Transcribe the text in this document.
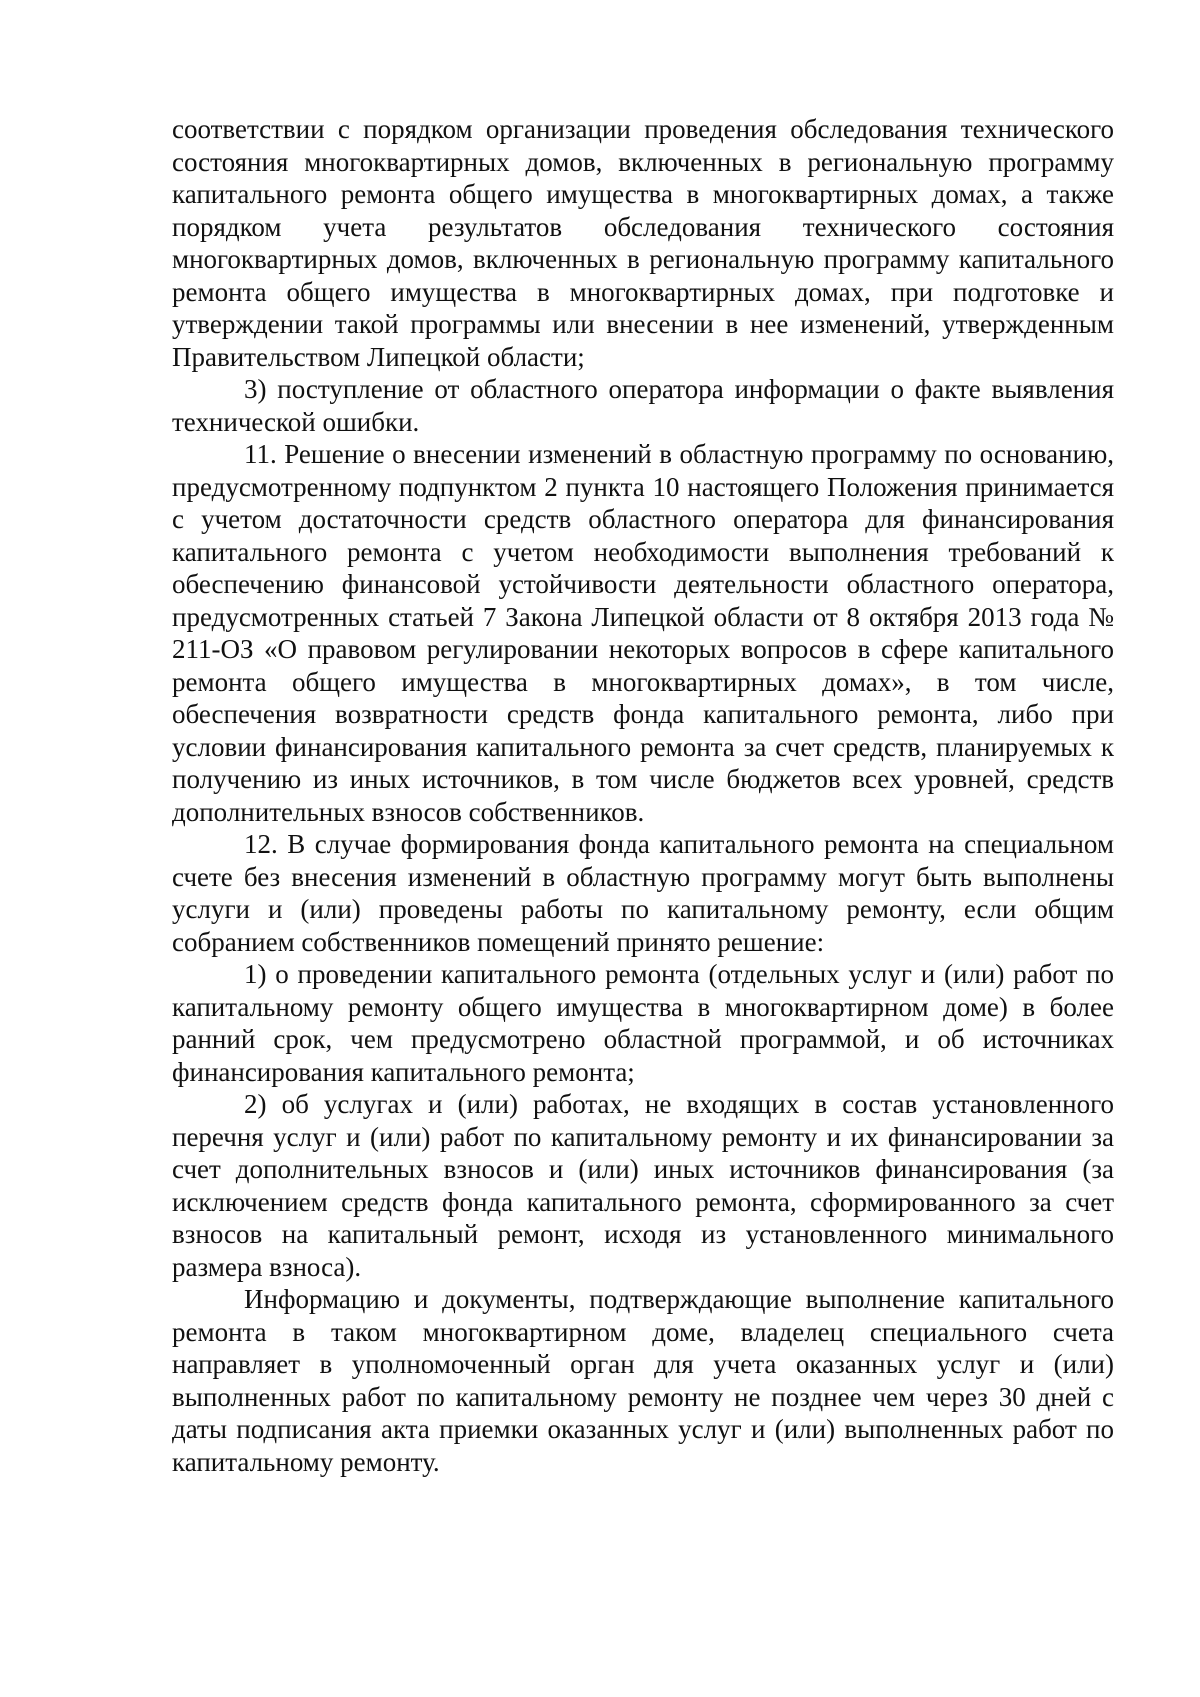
соответствии с порядком организации проведения обследования технического состояния многоквартирных домов, включенных в региональную программу капитального ремонта общего имущества в многоквартирных домах, а также порядком учета результатов обследования технического состояния многоквартирных домов, включенных в региональную программу капитального ремонта общего имущества в многоквартирных домах, при подготовке и утверждении такой программы или внесении в нее изменений, утвержденным Правительством Липецкой области;

3) поступление от областного оператора информации о факте выявления технической ошибки.

11. Решение о внесении изменений в областную программу по основанию, предусмотренному подпунктом 2 пункта 10 настоящего Положения принимается с учетом достаточности средств областного оператора для финансирования капитального ремонта с учетом необходимости выполнения требований к обеспечению финансовой устойчивости деятельности областного оператора, предусмотренных статьей 7 Закона Липецкой области от 8 октября 2013 года № 211-ОЗ «О правовом регулировании некоторых вопросов в сфере капитального ремонта общего имущества в многоквартирных домах», в том числе, обеспечения возвратности средств фонда капитального ремонта, либо при условии финансирования капитального ремонта за счет средств, планируемых к получению из иных источников, в том числе бюджетов всех уровней, средств дополнительных взносов собственников.

12. В случае формирования фонда капитального ремонта на специальном счете без внесения изменений в областную программу могут быть выполнены услуги и (или) проведены работы по капитальному ремонту, если общим собранием собственников помещений принято решение:

1) о проведении капитального ремонта (отдельных услуг и (или) работ по капитальному ремонту общего имущества в многоквартирном доме) в более ранний срок, чем предусмотрено областной программой, и об источниках финансирования капитального ремонта;

2) об услугах и (или) работах, не входящих в состав установленного перечня услуг и (или) работ по капитальному ремонту и их финансировании за счет дополнительных взносов и (или) иных источников финансирования (за исключением средств фонда капитального ремонта, сформированного за счет взносов на капитальный ремонт, исходя из установленного минимального размера взноса).

Информацию и документы, подтверждающие выполнение капитального ремонта в таком многоквартирном доме, владелец специального счета направляет в уполномоченный орган для учета оказанных услуг и (или) выполненных работ по капитальному ремонту не позднее чем через 30 дней с даты подписания акта приемки оказанных услуг и (или) выполненных работ по капитальному ремонту.
